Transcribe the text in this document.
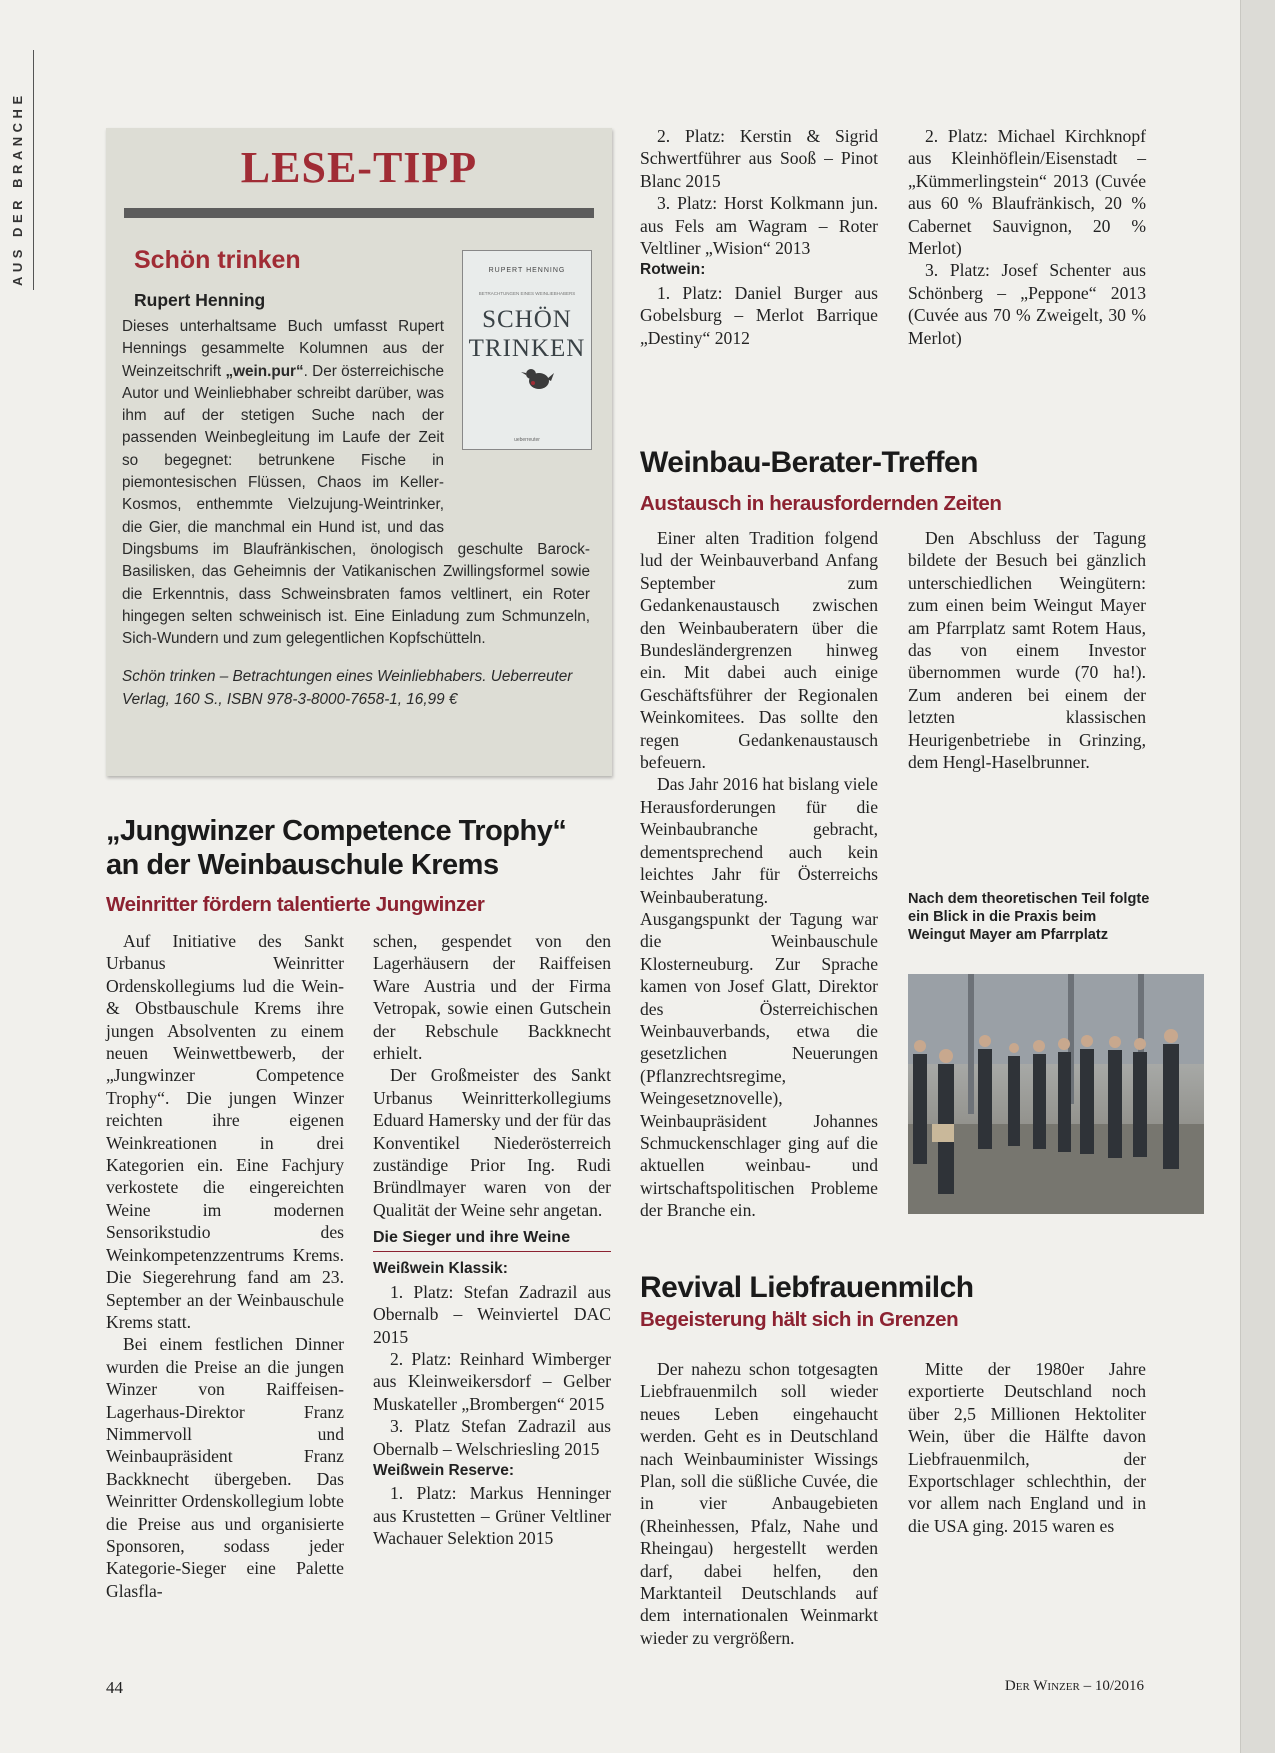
AUS DER BRANCHE	LESE-TIPP
Schön trinken
Rupert Henning
RUPERT HENNING
BETRACHTUNGEN EINES WEINLIEBHABERS
SCHÖN
TRINKEN
ueberreuter
Dieses unterhaltsame Buch umfasst Rupert Hennings gesammelte Kolumnen aus der Weinzeitschrift „wein.pur“. Der österreichische Autor und Weinliebhaber schreibt darüber, was ihm auf der stetigen Suche nach der passenden Weinbegleitung im Laufe der Zeit so begegnet: betrunkene Fische in piemontesischen Flüssen, Chaos im Keller-Kosmos, enthemmte Vielzujung-Weintrinker, die Gier, die manchmal ein Hund ist, und das Dingsbums im Blaufränkischen, önologisch geschulte Barock-Basilisken, das Geheimnis der Vatikanischen Zwillingsformel sowie die Erkenntnis, dass Schweinsbraten famos veltlinert, ein Roter hingegen selten schweinisch ist. Eine Einladung zum Schmunzeln, Sich-Wundern und zum gelegentlichen Kopfschütteln.
Schön trinken – Betrachtungen eines Weinliebhabers. Ueberreuter Verlag, 160 S., ISBN 978-3-8000-7658-1, 16,99 €
„Jungwinzer Competence Trophy“
an der Weinbauschule Krems
Weinritter fördern talentierte Jungwinzer

Auf Initiative des Sankt Urbanus Weinritter Ordenskollegiums lud die Wein- & Obstbauschule Krems ihre jungen Absolventen zu einem neuen Weinwettbewerb, der „Jungwinzer Competence Trophy“. Die jungen Winzer reichten ihre eigenen Weinkreationen in drei Kategorien ein. Eine Fachjury verkostete die eingereichten Weine im modernen Sensorikstudio des Weinkompetenzzentrums Krems. Die Siegerehrung fand am 23. September an der Weinbauschule Krems statt.

Bei einem festlichen Dinner wurden die Preise an die jungen Winzer von Raiffeisen-Lagerhaus-Direktor Franz Nimmervoll und Weinbaupräsident Franz Backknecht übergeben. Das Weinritter Ordenskollegium lobte die Preise aus und organisierte Sponsoren, sodass jeder Kategorie-Sieger eine Palette Glasfla-

schen, gespendet von den Lagerhäusern der Raiffeisen Ware Austria und der Firma Vetropak, sowie einen Gutschein der Rebschule Backknecht erhielt.

Der Großmeister des Sankt Urbanus Weinritterkollegiums Eduard Hamersky und der für das Konventikel Niederösterreich zuständige Prior Ing. Rudi Bründlmayer waren von der Qualität der Weine sehr angetan.

Die Sieger und ihre Weine

Weißwein Klassik:

1. Platz: Stefan Zadrazil aus Obernalb – Weinviertel DAC 2015

2. Platz: Reinhard Wimberger aus Kleinweikersdorf – Gelber Muskateller „Brombergen“ 2015

3. Platz Stefan Zadrazil aus Obernalb – Welschriesling 2015

Weißwein Reserve:

1. Platz: Markus Henninger aus Krustetten – Grüner Veltliner Wachauer Selektion 2015

2. Platz: Kerstin & Sigrid Schwertführer aus Sooß – Pinot Blanc 2015

3. Platz: Horst Kolkmann jun. aus Fels am Wagram – Roter Veltliner „Wision“ 2013

Rotwein:

1. Platz: Daniel Burger aus Gobelsburg – Merlot Barrique „Destiny“ 2012

2. Platz: Michael Kirchknopf aus Kleinhöflein/Eisenstadt – „Kümmerlingstein“ 2013 (Cuvée aus 60 % Blaufränkisch, 20 % Cabernet Sauvignon, 20 % Merlot)

3. Platz: Josef Schenter aus Schönberg – „Peppone“ 2013 (Cuvée aus 70 % Zweigelt, 30 % Merlot)

Weinbau-Berater-Treffen
Austausch in herausfordernden Zeiten

Einer alten Tradition folgend lud der Weinbauverband Anfang September zum Gedankenaustausch zwischen den Weinbauberatern über die Bundesländergrenzen hinweg ein. Mit dabei auch einige Geschäftsführer der Regionalen Weinkomitees. Das sollte den regen Gedankenaustausch befeuern.

Das Jahr 2016 hat bislang viele Herausforderungen für die Weinbaubranche gebracht, dementsprechend auch kein leichtes Jahr für Österreichs Weinbauberatung. Ausgangspunkt der Tagung war die Weinbauschule Klosterneuburg. Zur Sprache kamen von Josef Glatt, Direktor des Österreichischen Weinbauverbands, etwa die gesetzlichen Neuerungen (Pflanzrechtsregime, Weingesetznovelle), Weinbaupräsident Johannes Schmuckenschlager ging auf die aktuellen weinbau- und wirtschaftspolitischen Probleme der Branche ein.

Den Abschluss der Tagung bildete der Besuch bei gänzlich unterschiedlichen Weingütern: zum einen beim Weingut Mayer am Pfarrplatz samt Rotem Haus, das von einem Investor übernommen wurde (70 ha!). Zum anderen bei einem der letzten klassischen Heurigenbetriebe in Grinzing, dem Hengl-Haselbrunner.

Nach dem theoretischen Teil folgte ein Blick in die Praxis beim Weingut Mayer am Pfarrplatz
Revival Liebfrauenmilch
Begeisterung hält sich in Grenzen

Der nahezu schon totgesagten Liebfrauenmilch soll wieder neues Leben eingehaucht werden. Geht es in Deutschland nach Weinbauminister Wissings Plan, soll die süßliche Cuvée, die in vier Anbaugebieten (Rheinhessen, Pfalz, Nahe und Rheingau) hergestellt werden darf, dabei helfen, den Marktanteil Deutschlands auf dem internationalen Weinmarkt wieder zu vergrößern.

Mitte der 1980er Jahre exportierte Deutschland noch über 2,5 Millionen Hektoliter Wein, über die Hälfte davon Liebfrauenmilch, der Exportschlager schlechthin, der vor allem nach England und in die USA ging. 2015 waren es

44	Der Winzer – 10/2016
